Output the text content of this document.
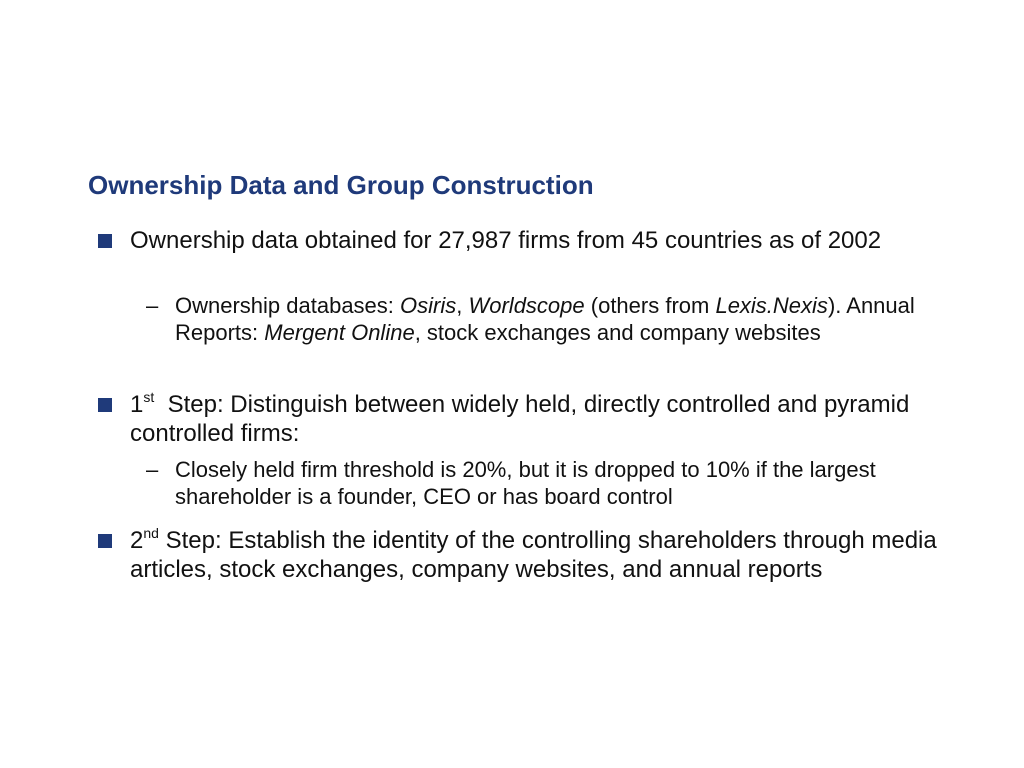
Ownership Data and Group Construction
Ownership data obtained for 27,987 firms from 45 countries as of 2002
– Ownership databases: Osiris, Worldscope (others from Lexis.Nexis). Annual Reports: Mergent Online, stock exchanges and company websites
1st  Step: Distinguish between widely held, directly controlled and pyramid controlled firms:
– Closely held firm threshold is 20%, but it is dropped to 10% if the largest shareholder is a founder, CEO or has board control
2nd Step: Establish the identity of the controlling shareholders through media articles, stock exchanges, company websites, and annual reports
